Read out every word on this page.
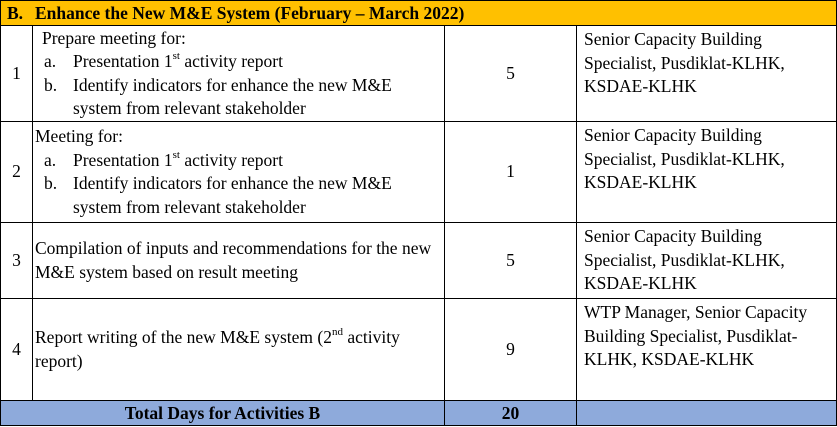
B. Enhance the New M&E System (February – March 2022)			
1	Prepare meeting for:
a. Presentation 1st activity report
b. Identify indicators for enhance the new M&E system from relevant stakeholder	5	Senior Capacity Building Specialist, Pusdiklat-KLHK, KSDAE-KLHK
2	Meeting for:
a. Presentation 1st activity report
b. Identify indicators for enhance the new M&E system from relevant stakeholder	1	Senior Capacity Building Specialist, Pusdiklat-KLHK, KSDAE-KLHK
3	Compilation of inputs and recommendations for the new M&E system based on result meeting	5	Senior Capacity Building Specialist, Pusdiklat-KLHK, KSDAE-KLHK
4	Report writing of the new M&E system (2nd activity report)	9	WTP Manager, Senior Capacity Building Specialist, Pusdiklat-KLHK, KSDAE-KLHK
Total Days for Activities B		20	
